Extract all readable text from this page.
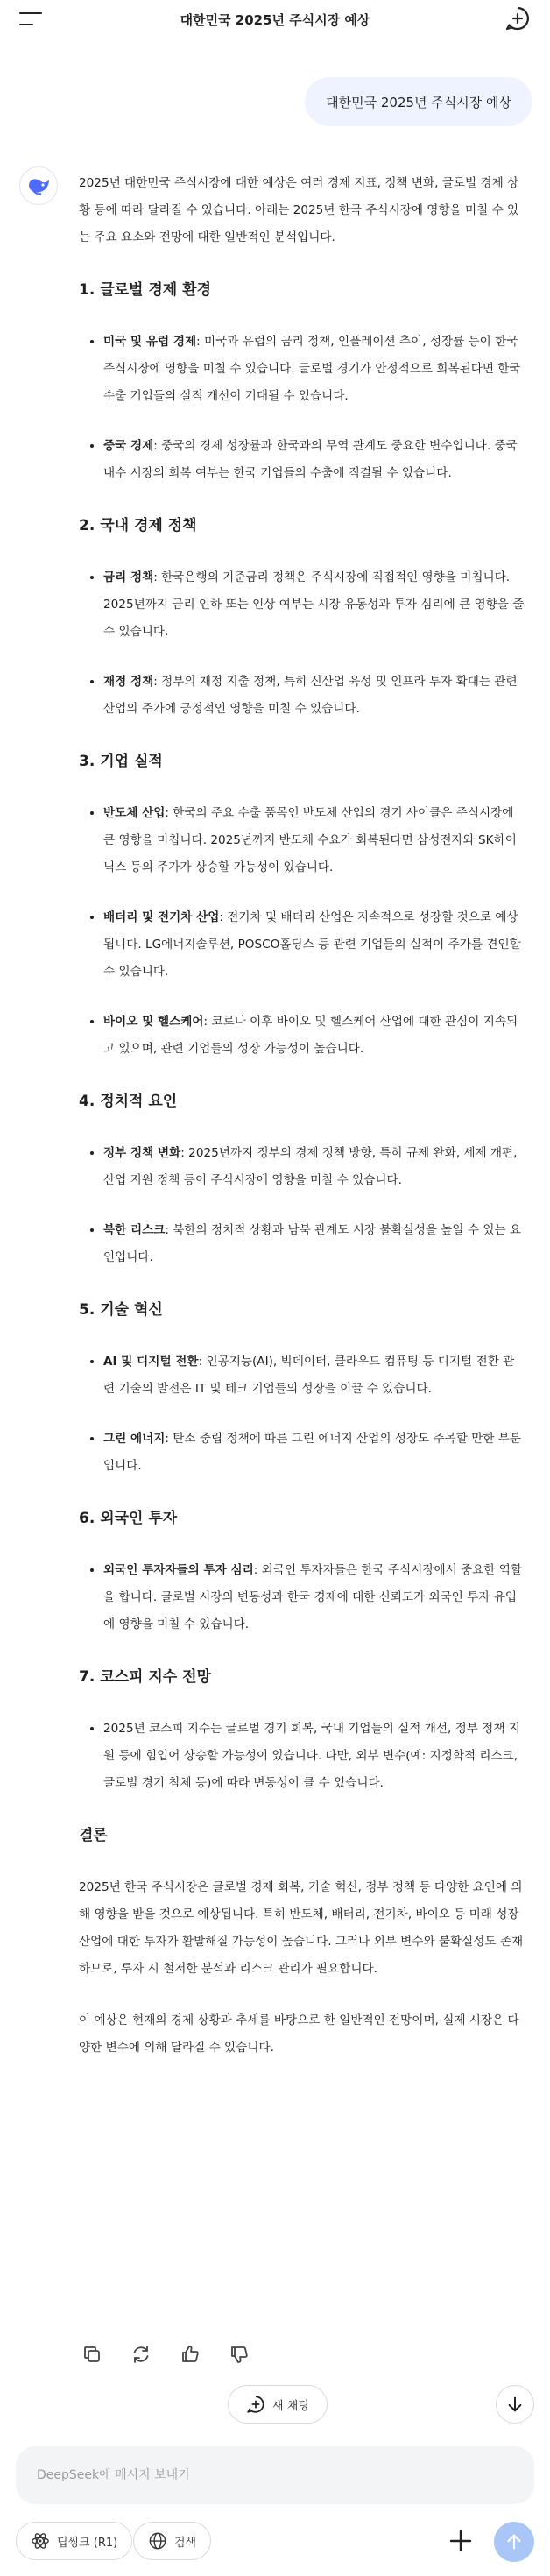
대한민국 2025년 주식시장 예상
대한민국 2025년 주식시장 예상

2025년 대한민국 주식시장에 대한 예상은 여러 경제 지표, 정책 변화, 글로벌 경제 상황 등에 따라 달라질 수 있습니다. 아래는 2025년 한국 주식시장에 영향을 미칠 수 있는 주요 요소와 전망에 대한 일반적인 분석입니다.

1. 글로벌 경제 환경
• 미국 및 유럽 경제: 미국과 유럽의 금리 정책, 인플레이션 추이, 성장률 등이 한국 주식시장에 영향을 미칠 수 있습니다. 글로벌 경기가 안정적으로 회복된다면 한국 수출 기업들의 실적 개선이 기대될 수 있습니다.
• 중국 경제: 중국의 경제 성장률과 한국과의 무역 관계도 중요한 변수입니다. 중국 내수 시장의 회복 여부는 한국 기업들의 수출에 직결될 수 있습니다.
2. 국내 경제 정책
• 금리 정책: 한국은행의 기준금리 정책은 주식시장에 직접적인 영향을 미칩니다. 2025년까지 금리 인하 또는 인상 여부는 시장 유동성과 투자 심리에 큰 영향을 줄 수 있습니다.
• 재정 정책: 정부의 재정 지출 정책, 특히 신산업 육성 및 인프라 투자 확대는 관련 산업의 주가에 긍정적인 영향을 미칠 수 있습니다.
3. 기업 실적
• 반도체 산업: 한국의 주요 수출 품목인 반도체 산업의 경기 사이클은 주식시장에 큰 영향을 미칩니다. 2025년까지 반도체 수요가 회복된다면 삼성전자와 SK하이닉스 등의 주가가 상승할 가능성이 있습니다.
• 배터리 및 전기차 산업: 전기차 및 배터리 산업은 지속적으로 성장할 것으로 예상됩니다. LG에너지솔루션, POSCO홀딩스 등 관련 기업들의 실적이 주가를 견인할 수 있습니다.
• 바이오 및 헬스케어: 코로나 이후 바이오 및 헬스케어 산업에 대한 관심이 지속되고 있으며, 관련 기업들의 성장 가능성이 높습니다.
4. 정치적 요인
• 정부 정책 변화: 2025년까지 정부의 경제 정책 방향, 특히 규제 완화, 세제 개편, 산업 지원 정책 등이 주식시장에 영향을 미칠 수 있습니다.
• 북한 리스크: 북한의 정치적 상황과 남북 관계도 시장 불확실성을 높일 수 있는 요인입니다.
5. 기술 혁신
• AI 및 디지털 전환: 인공지능(AI), 빅데이터, 클라우드 컴퓨팅 등 디지털 전환 관련 기술의 발전은 IT 및 테크 기업들의 성장을 이끌 수 있습니다.
• 그린 에너지: 탄소 중립 정책에 따른 그린 에너지 산업의 성장도 주목할 만한 부분입니다.
6. 외국인 투자
• 외국인 투자자들의 투자 심리: 외국인 투자자들은 한국 주식시장에서 중요한 역할을 합니다. 글로벌 시장의 변동성과 한국 경제에 대한 신뢰도가 외국인 투자 유입에 영향을 미칠 수 있습니다.
7. 코스피 지수 전망
• 2025년 코스피 지수는 글로벌 경기 회복, 국내 기업들의 실적 개선, 정부 정책 지원 등에 힘입어 상승할 가능성이 있습니다. 다만, 외부 변수(예: 지정학적 리스크, 글로벌 경기 침체 등)에 따라 변동성이 클 수 있습니다.
결론

2025년 한국 주식시장은 글로벌 경제 회복, 기술 혁신, 정부 정책 등 다양한 요인에 의해 영향을 받을 것으로 예상됩니다. 특히 반도체, 배터리, 전기차, 바이오 등 미래 성장 산업에 대한 투자가 활발해질 가능성이 높습니다. 그러나 외부 변수와 불확실성도 존재하므로, 투자 시 철저한 분석과 리스크 관리가 필요합니다.

이 예상은 현재의 경제 상황과 추세를 바탕으로 한 일반적인 전망이며, 실제 시장은 다양한 변수에 의해 달라질 수 있습니다.

새 채팅
DeepSeek에 메시지 보내기
딥씽크 (R1)	검색
